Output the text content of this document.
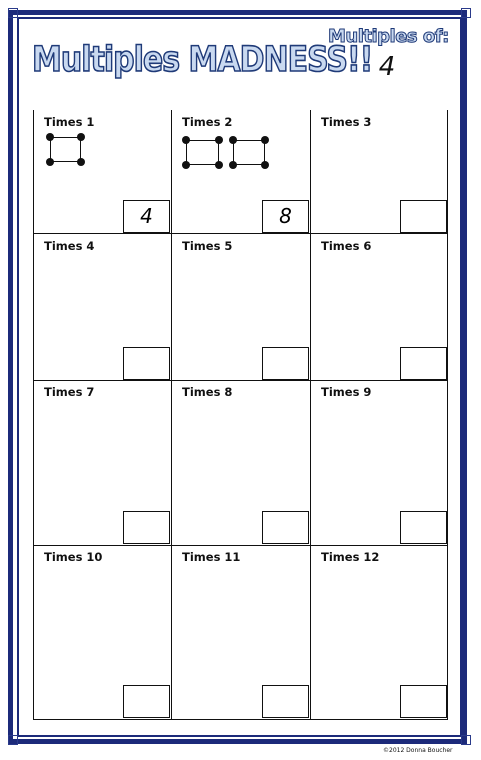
Multiples MADNESS!!
Multiples of:
4
Times 1	Times 2	Times 3
4	8
Times 4	Times 5	Times 6
Times 7	Times 8	Times 9
Times 10	Times 11	Times 12
©2012 Donna Boucher
